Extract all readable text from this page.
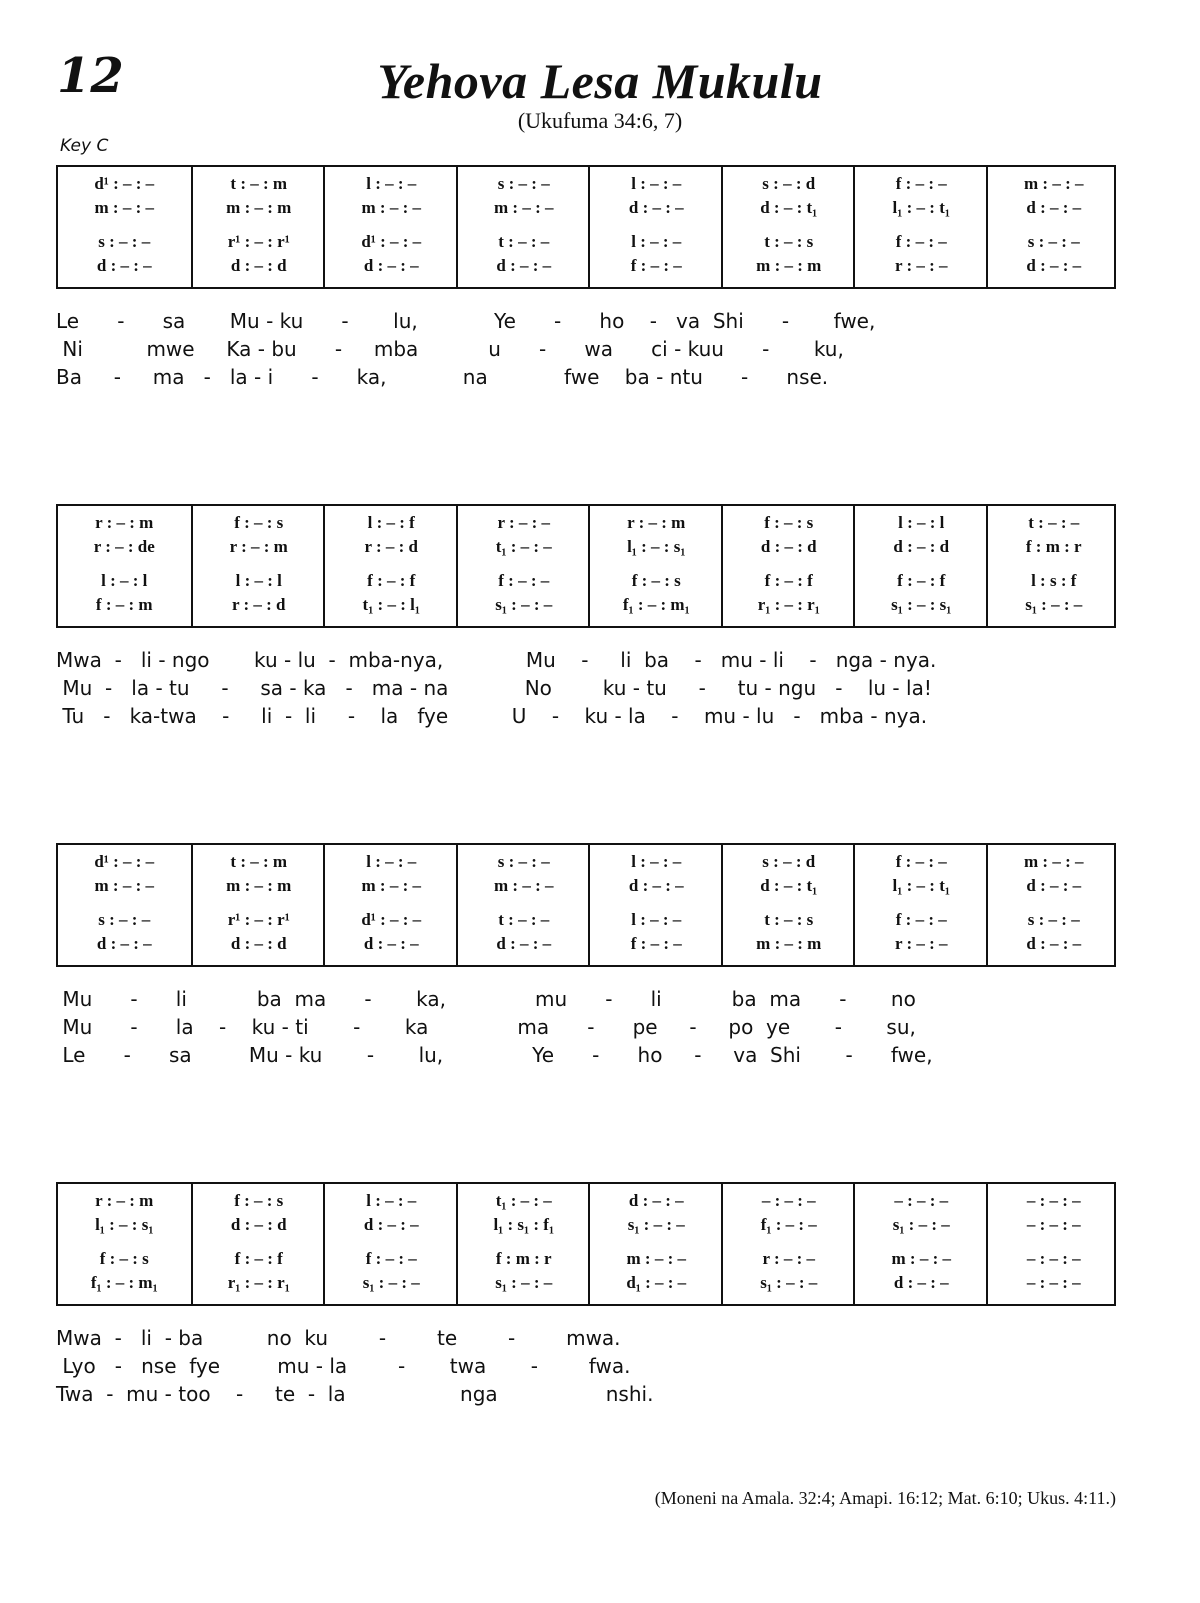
12	Yehova Lesa Mukulu
(Ukufuma 34:6, 7)
Key C
d¹ : – : –
m : – : –
s : – : –
d : – : –
t : – : m
m : – : m
r¹ : – : r¹
d : – : d
l : – : –
m : – : –
d¹ : – : –
d : – : –
s : – : –
m : – : –
t : – : –
d : – : –
l : – : –
d : – : –
l : – : –
f : – : –
s : – : d
d : – : t₁
t : – : s
m : – : m
f : – : –
l₁ : – : t₁
f : – : –
r : – : –
m : – : –
d : – : –
s : – : –
d : – : –
Le      -      sa       Mu - ku      -       lu,            Ye      -      ho    -   va  Shi      -       fwe,
Ni          mwe     Ka - bu      -     mba           u      -      wa      ci - kuu      -       ku,
Ba     -     ma   -   la - i      -      ka,            na            fwe    ba - ntu      -      nse.
r : – : m
r : – : de
l : – : l
f : – : m
f : – : s
r : – : m
l : – : l
r : – : d
l : – : f
r : – : d
f : – : f
t₁ : – : l₁
r : – : –
t₁ : – : –
f : – : –
s₁ : – : –
r : – : m
l₁ : – : s₁
f : – : s
f₁ : – : m₁
f : – : s
d : – : d
f : – : f
r₁ : – : r₁
l : – : l
d : – : d
f : – : f
s₁ : – : s₁
t : – : –
f : m : r
l : s : f
s₁ : – : –
Mwa  -   li - ngo       ku - lu  -  mba-nya,             Mu    -     li  ba    -   mu - li    -   nga - nya.
Mu  -   la - tu     -     sa - ka   -   ma - na            No        ku - tu     -     tu - ngu   -    lu - la!
Tu   -   ka-twa    -     li  -  li     -    la   fye          U    -    ku - la    -    mu - lu   -   mba - nya.
d¹ : – : –
m : – : –
s : – : –
d : – : –
t : – : m
m : – : m
r¹ : – : r¹
d : – : d
l : – : –
m : – : –
d¹ : – : –
d : – : –
s : – : –
m : – : –
t : – : –
d : – : –
l : – : –
d : – : –
l : – : –
f : – : –
s : – : d
d : – : t₁
t : – : s
m : – : m
f : – : –
l₁ : – : t₁
f : – : –
r : – : –
m : – : –
d : – : –
s : – : –
d : – : –
Mu      -      li           ba  ma      -       ka,              mu      -      li           ba  ma      -       no
Mu      -      la    -    ku - ti       -       ka              ma      -      pe     -     po  ye       -       su,
Le      -      sa         Mu - ku       -       lu,              Ye      -      ho     -     va  Shi       -      fwe,
r : – : m
l₁ : – : s₁
f : – : s
f₁ : – : m₁
f : – : s
d : – : d
f : – : f
r₁ : – : r₁
l : – : –
d : – : –
f : – : –
s₁ : – : –
t₁ : – : –
l₁ : s₁ : f₁
f : m : r
s₁ : – : –
d : – : –
s₁ : – : –
m : – : –
d₁ : – : –
– : – : –
f₁ : – : –
r : – : –
s₁ : – : –
– : – : –
s₁ : – : –
m : – : –
d : – : –
– : – : –
– : – : –
– : – : –
– : – : –
Mwa  -   li  - ba          no  ku        -        te        -        mwa.
Lyo   -   nse  fye         mu - la        -       twa       -        fwa.
Twa  -  mu - too    -     te  -  la                  nga                 nshi.
(Moneni na Amala. 32:4; Amapi. 16:12; Mat. 6:10; Ukus. 4:11.)
